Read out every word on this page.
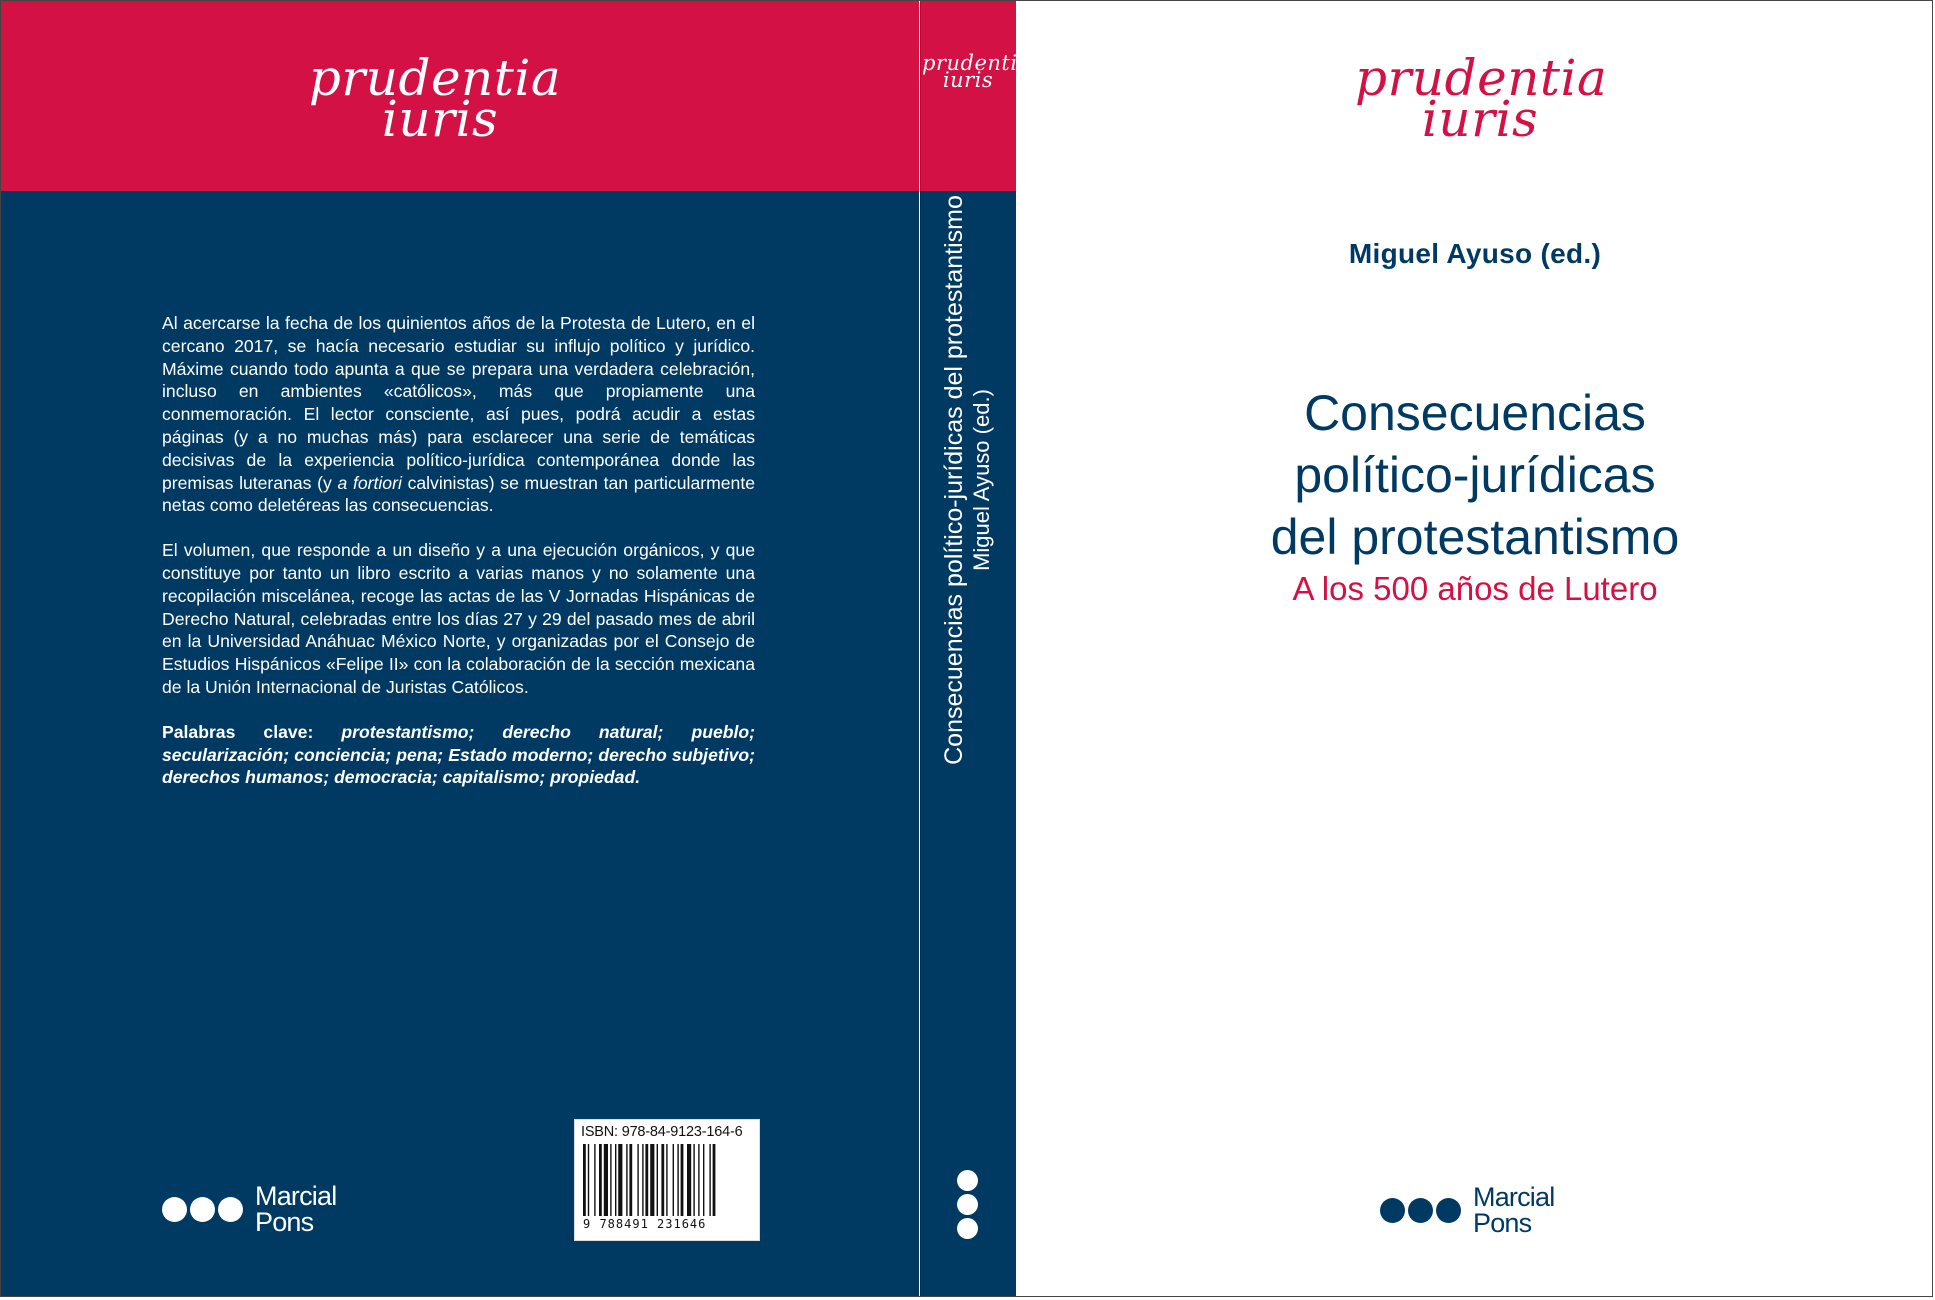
prudentia
iuris

Al acercarse la fecha de los quinientos años de la Protesta de Lutero, en el cercano 2017, se hacía necesario estudiar su influjo político y jurídico. Máxime cuando todo apunta a que se prepara una verdadera celebración, incluso en ambientes «católicos», más que propiamente una conmemoración. El lector consciente, así pues, podrá acudir a estas páginas (y a no muchas más) para esclarecer una serie de temáticas decisivas de la experiencia político-jurídica contemporánea donde las premisas luteranas (y a fortiori calvinistas) se muestran tan particularmente netas como deletéreas las consecuencias.

El volumen, que responde a un diseño y a una ejecución orgánicos, y que constituye por tanto un libro escrito a varias manos y no solamente una recopilación miscelánea, recoge las actas de las V Jornadas Hispánicas de Derecho Natural, celebradas entre los días 27 y 29 del pasado mes de abril en la Universidad Anáhuac México Norte, y organizadas por el Consejo de Estudios Hispánicos «Felipe II» con la colaboración de la sección mexicana de la Unión Internacional de Juristas Católicos.

Palabras clave: protestantismo; derecho natural; pueblo; secularización; conciencia; pena; Estado moderno; derecho subjetivo; derechos humanos; democracia; capitalismo; propiedad.

Marcial
Pons
ISBN: 978-84-9123-164-6
9 788491 231646
prudentia
iuris
Consecuencias político-jurídicas del protestantismo Miguel Ayuso (ed.)
prudentia
iuris
Miguel Ayuso (ed.)
Consecuencias
político-jurídicas
del protestantismo
A los 500 años de Lutero
Marcial
Pons
